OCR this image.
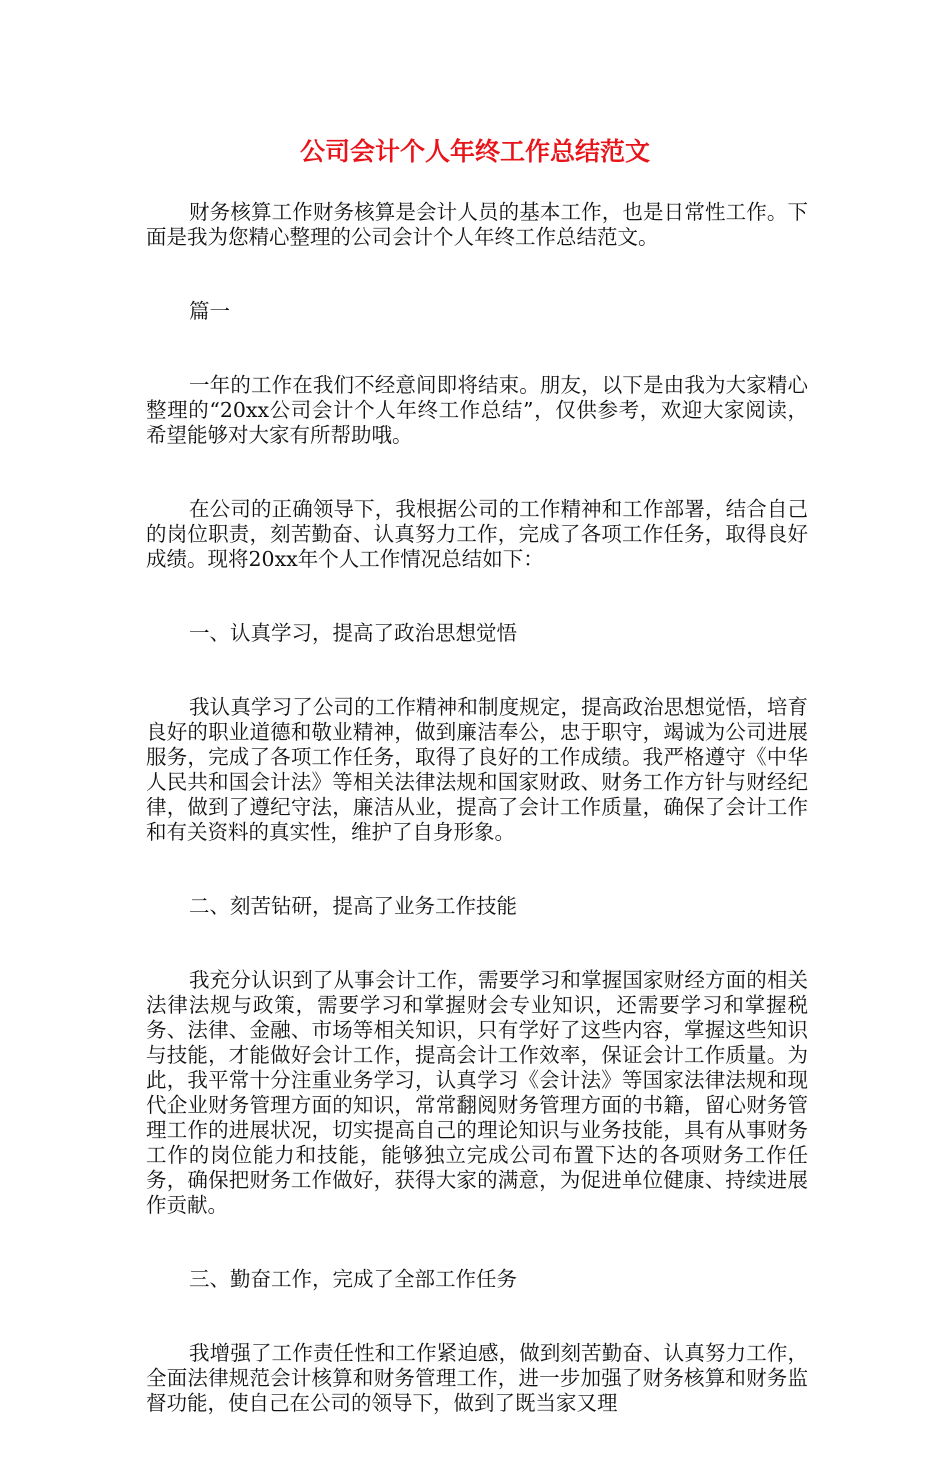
公司会计个人年终工作总结范文

财务核算工作财务核算是会计人员的基本工作，也是日常性工作。下面是我为您精心整理的公司会计个人年终工作总结范文。

篇一

一年的工作在我们不经意间即将结束。朋友，以下是由我为大家精心整理的“20xx公司会计个人年终工作总结”，仅供参考，欢迎大家阅读，希望能够对大家有所帮助哦。

在公司的正确领导下，我根据公司的工作精神和工作部署，结合自己的岗位职责，刻苦勤奋、认真努力工作，完成了各项工作任务，取得良好成绩。现将20xx年个人工作情况总结如下：

一、认真学习，提高了政治思想觉悟

我认真学习了公司的工作精神和制度规定，提高政治思想觉悟，培育良好的职业道德和敬业精神，做到廉洁奉公，忠于职守，竭诚为公司进展服务，完成了各项工作任务，取得了良好的工作成绩。我严格遵守《中华人民共和国会计法》等相关法律法规和国家财政、财务工作方针与财经纪律，做到了遵纪守法，廉洁从业，提高了会计工作质量，确保了会计工作和有关资料的真实性，维护了自身形象。

二、刻苦钻研，提高了业务工作技能

我充分认识到了从事会计工作，需要学习和掌握国家财经方面的相关法律法规与政策，需要学习和掌握财会专业知识，还需要学习和掌握税务、法律、金融、市场等相关知识，只有学好了这些内容，掌握这些知识与技能，才能做好会计工作，提高会计工作效率，保证会计工作质量。为此，我平常十分注重业务学习，认真学习《会计法》等国家法律法规和现代企业财务管理方面的知识，常常翻阅财务管理方面的书籍，留心财务管理工作的进展状况，切实提高自己的理论知识与业务技能，具有从事财务工作的岗位能力和技能，能够独立完成公司布置下达的各项财务工作任务，确保把财务工作做好，获得大家的满意，为促进单位健康、持续进展作贡献。

三、勤奋工作，完成了全部工作任务

我增强了工作责任性和工作紧迫感，做到刻苦勤奋、认真努力工作，全面法律规范会计核算和财务管理工作，进一步加强了财务核算和财务监督功能，使自己在公司的领导下，做到了既当家又理
